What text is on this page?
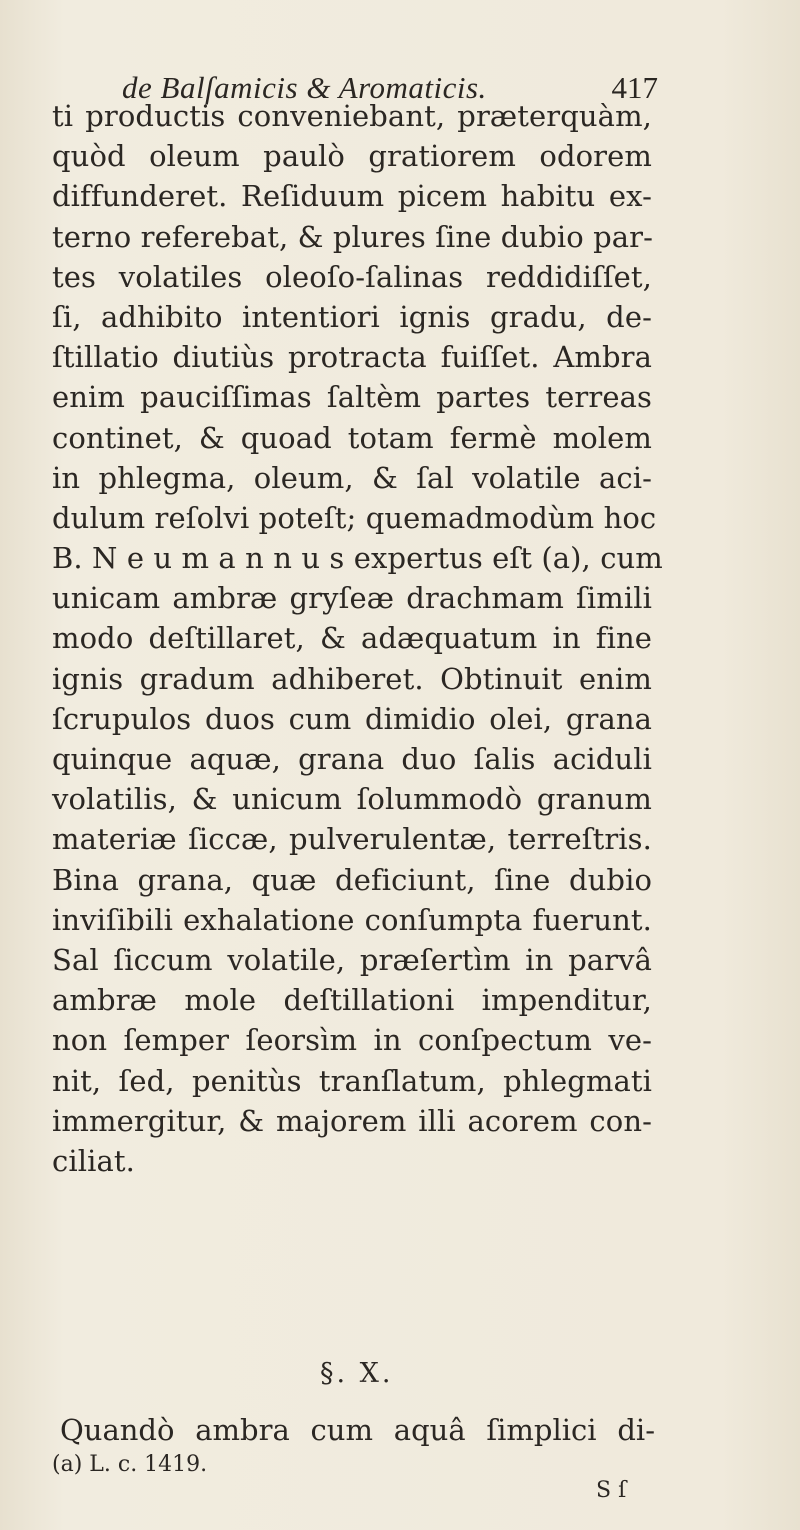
de Balſamicis & Aromaticis.	417
ti productis conveniebant, prӕterquàm,
quòd oleum paulò gratiorem odorem
diffunderet. Reſiduum picem habitu ex-
terno referebat, & plures ſine dubio par-
tes volatiles oleoſo-ſalinas reddidiſſet,
ſi, adhibito intentiori ignis gradu, de-
ſtillatio diutiùs protracta fuiſſet. Ambra
enim pauciſſimas ſaltèm partes terreas
continet, & quoad totam fermè molem
in phlegma, oleum, & ſal volatile aci-
dulum reſolvi poteſt; quemadmodùm hoc
B. N e u m a n n u s expertus eſt (a), cum
unicam ambrӕ gryſeӕ drachmam ſimili
modo deſtillaret, & adӕquatum in fine
ignis gradum adhiberet. Obtinuit enim
ſcrupulos duos cum dimidio olei, grana
quinque aquӕ, grana duo ſalis aciduli
volatilis, & unicum ſolummodò granum
materiӕ ſiccӕ, pulverulentӕ, terreſtris.
Bina grana, quӕ deficiunt, ſine dubio
inviſibili exhalatione conſumpta fuerunt.
Sal ſiccum volatile, prӕſertìm in parvâ
ambrӕ mole deſtillationi impenditur,
non ſemper ſeorsìm in conſpectum ve-
nit, ſed, penitùs tranſlatum, phlegmati
immergitur, & majorem illi acorem con-
ciliat.
§. X.
Quandò ambra cum aquâ ſimplici di-
(a) L. c. 1419.
S ſ
